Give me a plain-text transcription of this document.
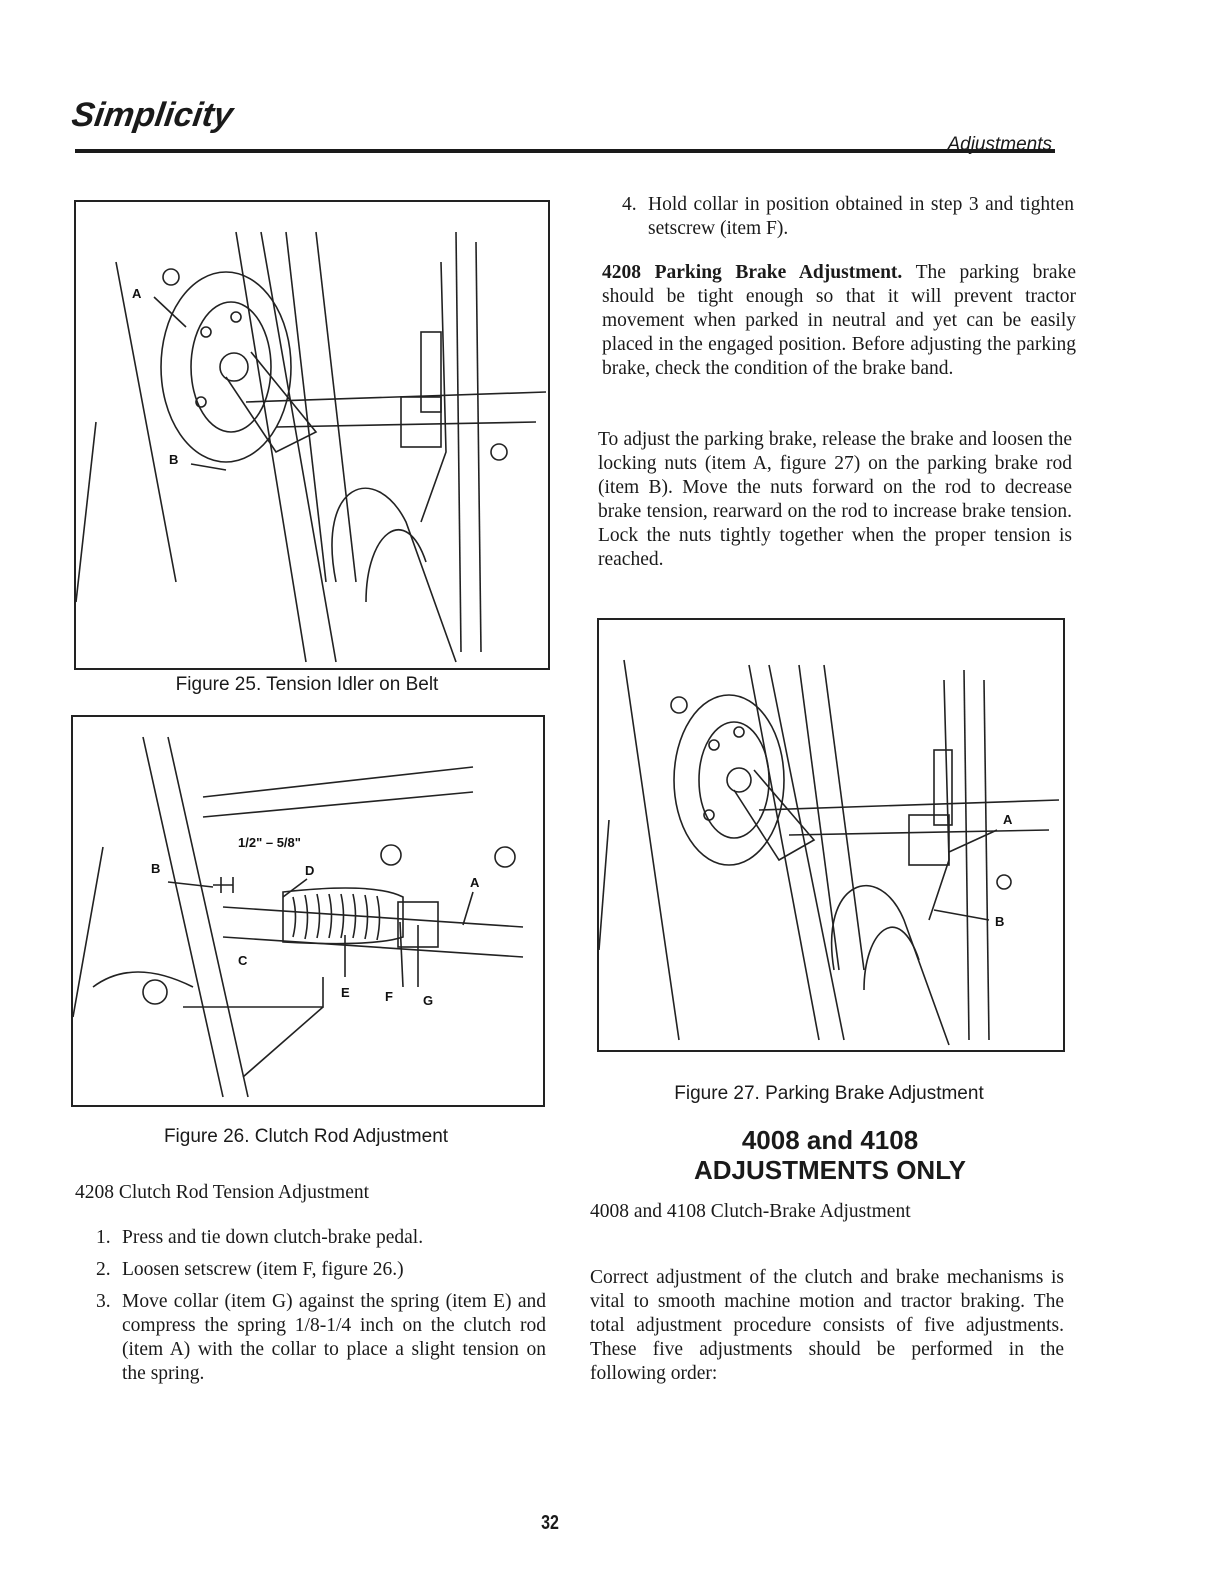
Simplicity
Adjustments
A
B
Figure 25. Tension Idler on Belt
1/2" – 5/8"
D
B
A
C
E	F G
Figure 26. Clutch Rod Adjustment
4208 Clutch Rod Tension Adjustment
1. Press and tie down clutch-brake pedal.
2. Loosen setscrew (item F, figure 26.)
3. Move collar (item G) against the spring (item E) and compress the spring 1/8-1/4 inch on the clutch rod (item A) with the collar to place a slight tension on the spring.
4. Hold collar in position obtained in step 3 and tighten setscrew (item F).
4208 Parking Brake Adjustment. The parking brake should be tight enough so that it will prevent tractor movement when parked in neutral and yet can be easily placed in the engaged position. Before adjusting the parking brake, check the condition of the brake band.
To adjust the parking brake, release the brake and loosen the locking nuts (item A, figure 27) on the parking brake rod (item B). Move the nuts forward on the rod to decrease brake tension, rearward on the rod to increase brake tension. Lock the nuts tightly together when the proper tension is reached.
A
B
Figure 27. Parking Brake Adjustment
4008 and 4108
ADJUSTMENTS ONLY
4008 and 4108 Clutch-Brake Adjustment
Correct adjustment of the clutch and brake mechanisms is vital to smooth machine motion and tractor braking. The total adjustment procedure consists of five adjustments. These five adjustments should be performed in the following order:
32
